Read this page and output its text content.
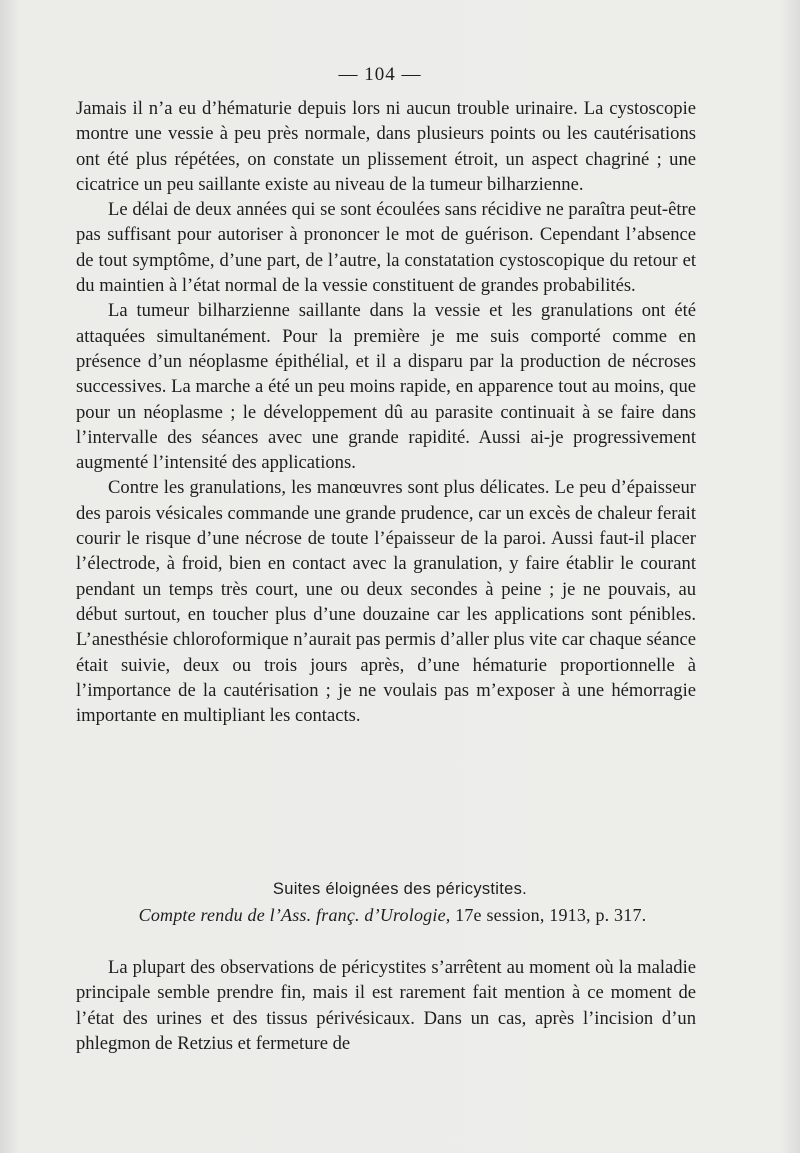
— 104 —

Jamais il n’a eu d’hématurie depuis lors ni aucun trouble urinaire. La cystoscopie montre une vessie à peu près normale, dans plusieurs points ou les cautérisations ont été plus répétées, on constate un plissement étroit, un aspect chagriné ; une cicatrice un peu saillante existe au niveau de la tumeur bilharzienne.

Le délai de deux années qui se sont écoulées sans récidive ne paraîtra peut-être pas suffisant pour autoriser à prononcer le mot de guérison. Cependant l’absence de tout symptôme, d’une part, de l’autre, la constatation cystoscopique du retour et du maintien à l’état normal de la vessie constituent de grandes probabilités.

La tumeur bilharzienne saillante dans la vessie et les granulations ont été attaquées simultanément. Pour la première je me suis comporté comme en présence d’un néoplasme épithélial, et il a disparu par la production de nécroses successives. La marche a été un peu moins rapide, en apparence tout au moins, que pour un néoplasme ; le développement dû au parasite continuait à se faire dans l’intervalle des séances avec une grande rapidité. Aussi ai-je progressivement augmenté l’intensité des applications.

Contre les granulations, les manœuvres sont plus délicates. Le peu d’épaisseur des parois vésicales commande une grande prudence, car un excès de chaleur ferait courir le risque d’une nécrose de toute l’épaisseur de la paroi. Aussi faut-il placer l’électrode, à froid, bien en contact avec la granulation, y faire établir le courant pendant un temps très court, une ou deux secondes à peine ; je ne pouvais, au début surtout, en toucher plus d’une douzaine car les applications sont pénibles. L’anesthésie chloroformique n’aurait pas permis d’aller plus vite car chaque séance était suivie, deux ou trois jours après, d’une hématurie proportionnelle à l’importance de la cautérisation ; je ne voulais pas m’exposer à une hémorragie importante en multipliant les contacts.

Suites éloignées des péricystites.
Compte rendu de l’Ass. franç. d’Urologie, 17e session, 1913, p. 317.

La plupart des observations de péricystites s’arrêtent au moment où la maladie principale semble prendre fin, mais il est rarement fait mention à ce moment de l’état des urines et des tissus périvésicaux. Dans un cas, après l’incision d’un phlegmon de Retzius et fermeture de
